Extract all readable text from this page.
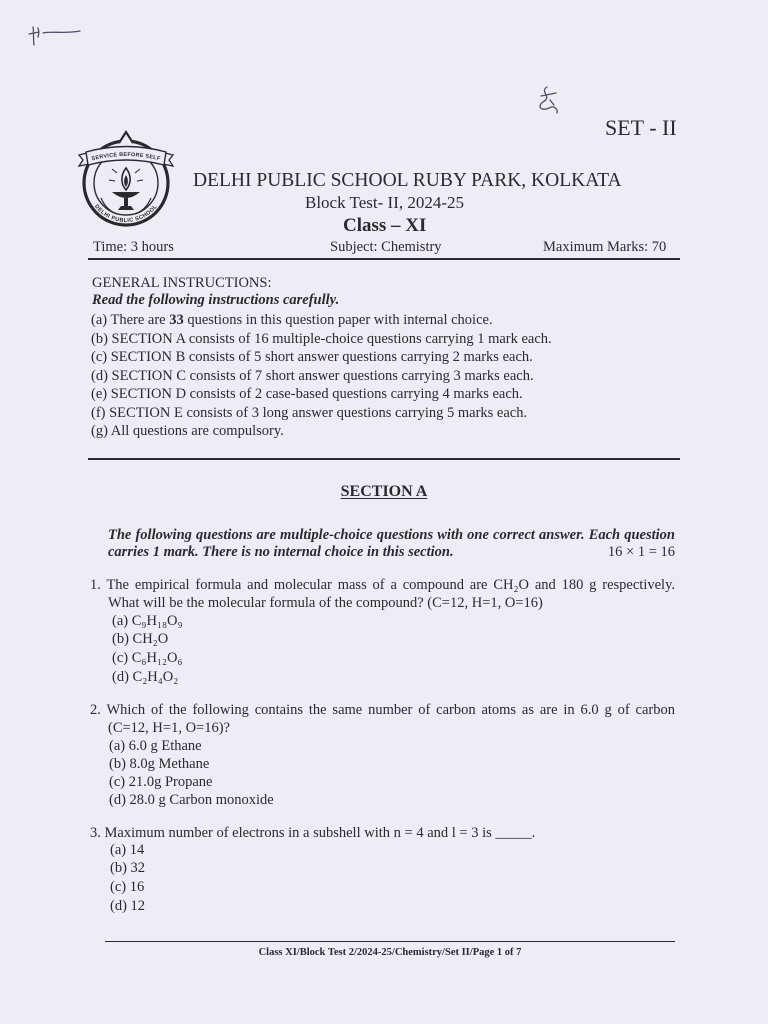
SET - II
SERVICE BEFORE SELF
DELHI PUBLIC SCHOOL
DELHI PUBLIC SCHOOL RUBY PARK, KOLKATA
Block Test- II, 2024-25
Class – XI
Time: 3 hours	Subject: Chemistry	Maximum Marks: 70
GENERAL INSTRUCTIONS:
Read the following instructions carefully.
(a) There are 33 questions in this question paper with internal choice.
(b) SECTION A consists of 16 multiple-choice questions carrying 1 mark each.
(c) SECTION B consists of 5 short answer questions carrying 2 marks each.
(d) SECTION C consists of 7 short answer questions carrying 3 marks each.
(e) SECTION D consists of 2 case-based questions carrying 4 marks each.
(f) SECTION E consists of 3 long answer questions carrying 5 marks each.
(g) All questions are compulsory.
SECTION A
The following questions are multiple-choice questions with one correct answer. Each question
carries 1 mark. There is no internal choice in this section.	16 × 1 = 16
1. The empirical formula and molecular mass of a compound are CH₂O and 180 g respectively.
What will be the molecular formula of the compound? (C=12, H=1, O=16)
(a) C₉H₁₈O₉
(b) CH₂O
(c) C₆H₁₂O₆
(d) C₂H₄O₂
2. Which of the following contains the same number of carbon atoms as are in 6.0 g of carbon
(C=12, H=1, O=16)?
(a) 6.0 g Ethane
(b) 8.0g Methane
(c) 21.0g Propane
(d) 28.0 g Carbon monoxide
3. Maximum number of electrons in a subshell with n = 4 and l = 3 is _____.
(a) 14
(b) 32
(c) 16
(d) 12
Class XI/Block Test 2/2024-25/Chemistry/Set II/Page 1 of 7
